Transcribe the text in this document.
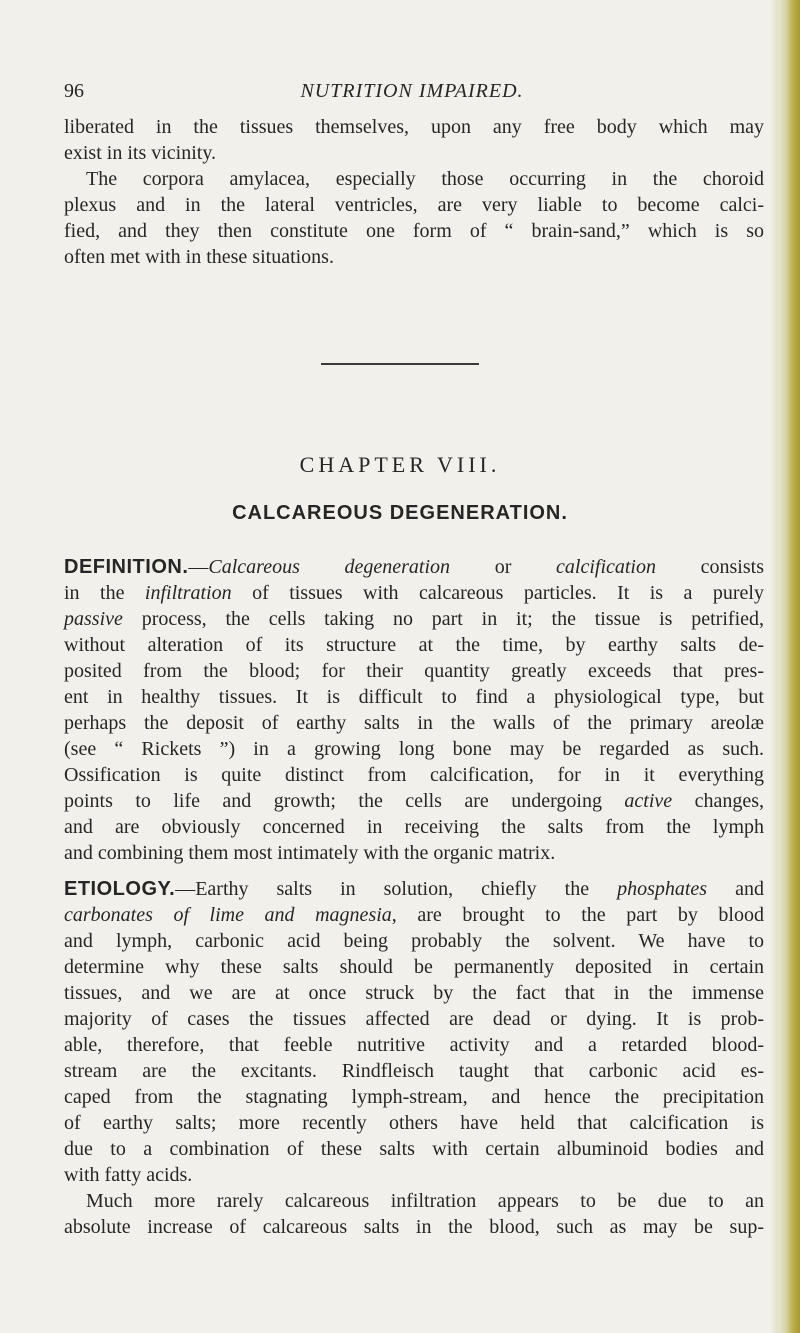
96	NUTRITION IMPAIRED.
liberated in the tissues themselves, upon any free body which may
exist in its vicinity.
The corpora amylacea, especially those occurring in the choroid
plexus and in the lateral ventricles, are very liable to become calci-
fied, and they then constitute one form of “ brain-sand,” which is so
often met with in these situations.
CHAPTER VIII.
CALCAREOUS DEGENERATION.
DEFINITION.—Calcareous degeneration or calcification consists
in the infiltration of tissues with calcareous particles. It is a purely
passive process, the cells taking no part in it; the tissue is petrified,
without alteration of its structure at the time, by earthy salts de-
posited from the blood; for their quantity greatly exceeds that pres-
ent in healthy tissues. It is difficult to find a physiological type, but
perhaps the deposit of earthy salts in the walls of the primary areolæ
(see “ Rickets ”) in a growing long bone may be regarded as such.
Ossification is quite distinct from calcification, for in it everything
points to life and growth; the cells are undergoing active changes,
and are obviously concerned in receiving the salts from the lymph
and combining them most intimately with the organic matrix.
ETIOLOGY.—Earthy salts in solution, chiefly the phosphates and
carbonates of lime and magnesia, are brought to the part by blood
and lymph, carbonic acid being probably the solvent. We have to
determine why these salts should be permanently deposited in certain
tissues, and we are at once struck by the fact that in the immense
majority of cases the tissues affected are dead or dying. It is prob-
able, therefore, that feeble nutritive activity and a retarded blood-
stream are the excitants. Rindfleisch taught that carbonic acid es-
caped from the stagnating lymph-stream, and hence the precipitation
of earthy salts; more recently others have held that calcification is
due to a combination of these salts with certain albuminoid bodies and
with fatty acids.
Much more rarely calcareous infiltration appears to be due to an
absolute increase of calcareous salts in the blood, such as may be sup-
